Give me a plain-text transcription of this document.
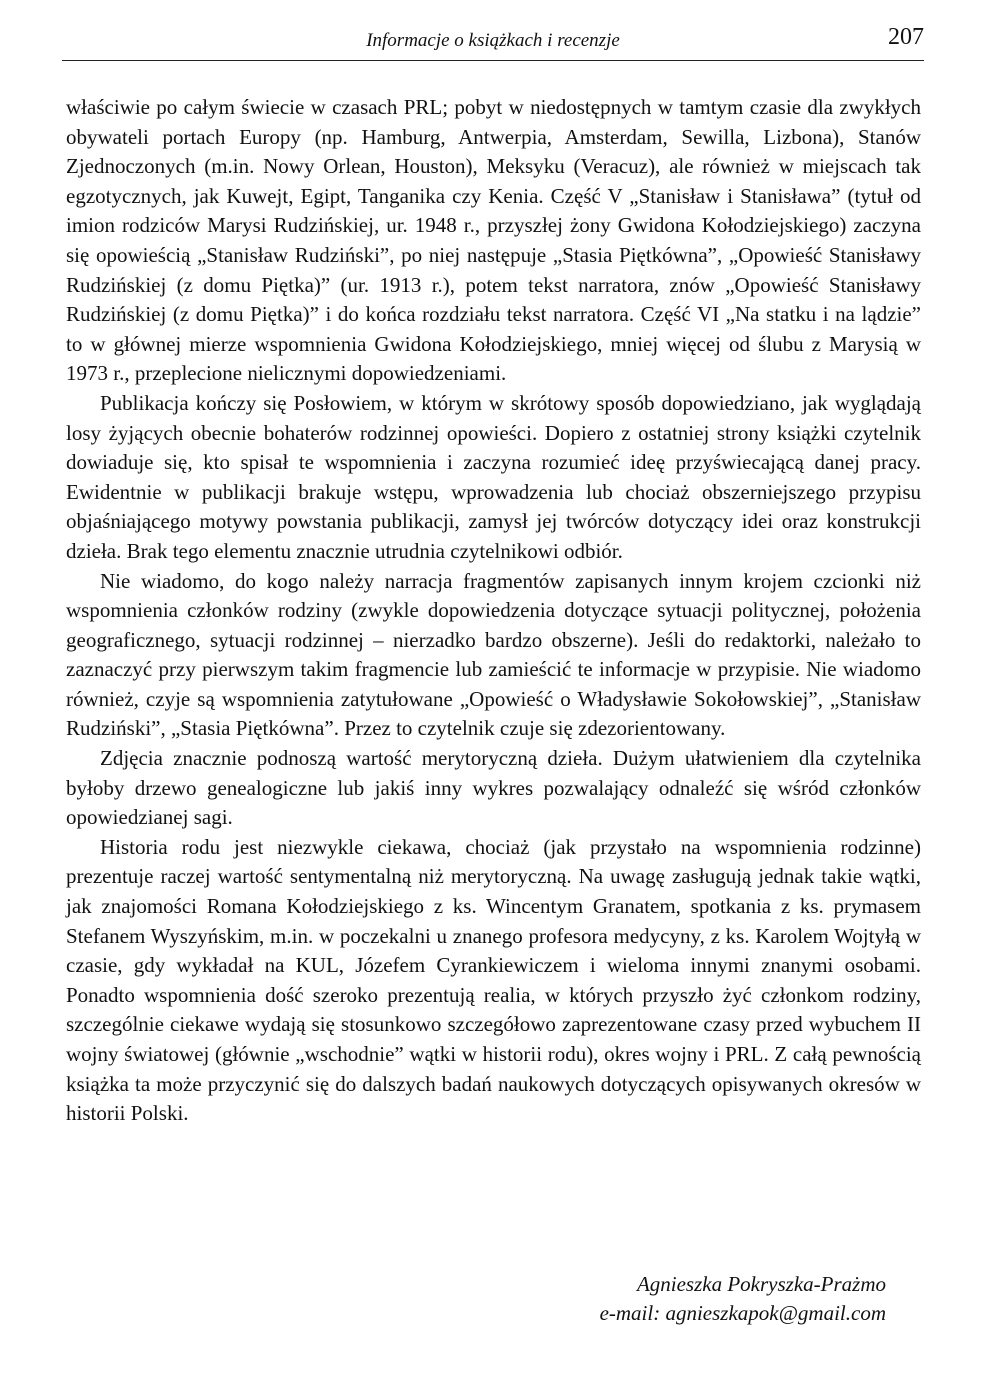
Informacje o książkach i recenzje	207

właściwie po całym świecie w czasach PRL; pobyt w niedostępnych w tamtym czasie dla zwykłych obywateli portach Europy (np. Hamburg, Antwerpia, Amsterdam, Sewilla, Lizbona), Stanów Zjednoczonych (m.in. Nowy Orlean, Houston), Meksyku (Veracuz), ale również w miejscach tak egzotycznych, jak Kuwejt, Egipt, Tanganika czy Kenia. Część V „Stanisław i Stanisława” (tytuł od imion rodziców Marysi Rudzińskiej, ur. 1948 r., przyszłej żony Gwidona Kołodziejskiego) zaczyna się opowieścią „Stanisław Rudziński”, po niej następuje „Stasia Piętkówna”, „Opowieść Stanisławy Rudzińskiej (z domu Piętka)” (ur. 1913 r.), potem tekst narratora, znów „Opowieść Stanisławy Rudzińskiej (z domu Piętka)” i do końca rozdziału tekst narratora. Część VI „Na statku i na lądzie” to w głównej mierze wspomnienia Gwidona Kołodziejskiego, mniej więcej od ślubu z Marysią w 1973 r., przeplecione nielicznymi dopowiedzeniami.

Publikacja kończy się Posłowiem, w którym w skrótowy sposób dopowiedziano, jak wyglądają losy żyjących obecnie bohaterów rodzinnej opowieści. Dopiero z ostatniej strony książki czytelnik dowiaduje się, kto spisał te wspomnienia i zaczyna rozumieć ideę przyświecającą danej pracy. Ewidentnie w publikacji brakuje wstępu, wprowadzenia lub chociaż obszerniejszego przypisu objaśniającego motywy powstania publikacji, zamysł jej twórców dotyczący idei oraz konstrukcji dzieła. Brak tego elementu znacznie utrudnia czytelnikowi odbiór.

Nie wiadomo, do kogo należy narracja fragmentów zapisanych innym krojem czcionki niż wspomnienia członków rodziny (zwykle dopowiedzenia dotyczące sytuacji politycznej, położenia geograficznego, sytuacji rodzinnej – nierzadko bardzo obszerne). Jeśli do redaktorki, należało to zaznaczyć przy pierwszym takim fragmencie lub zamieścić te informacje w przypisie. Nie wiadomo również, czyje są wspomnienia zatytułowane „Opowieść o Władysławie Sokołowskiej”, „Stanisław Rudziński”, „Stasia Piętkówna”. Przez to czytelnik czuje się zdezorientowany.

Zdjęcia znacznie podnoszą wartość merytoryczną dzieła. Dużym ułatwieniem dla czytelnika byłoby drzewo genealogiczne lub jakiś inny wykres pozwalający odnaleźć się wśród członków opowiedzianej sagi.

Historia rodu jest niezwykle ciekawa, chociaż (jak przystało na wspomnienia rodzinne) prezentuje raczej wartość sentymentalną niż merytoryczną. Na uwagę zasługują jednak takie wątki, jak znajomości Romana Kołodziejskiego z ks. Wincentym Granatem, spotkania z ks. prymasem Stefanem Wyszyńskim, m.in. w poczekalni u znanego profesora medycyny, z ks. Karolem Wojtyłą w czasie, gdy wykładał na KUL, Józefem Cyrankiewiczem i wieloma innymi znanymi osobami. Ponadto wspomnienia dość szeroko prezentują realia, w których przyszło żyć członkom rodziny, szczególnie ciekawe wydają się stosunkowo szczegółowo zaprezentowane czasy przed wybuchem II wojny światowej (głównie „wschodnie” wątki w historii rodu), okres wojny i PRL. Z całą pewnością książka ta może przyczynić się do dalszych badań naukowych dotyczących opisywanych okresów w historii Polski.

Agnieszka Pokryszka-Prażmo
e-mail: agnieszkapok@gmail.com
